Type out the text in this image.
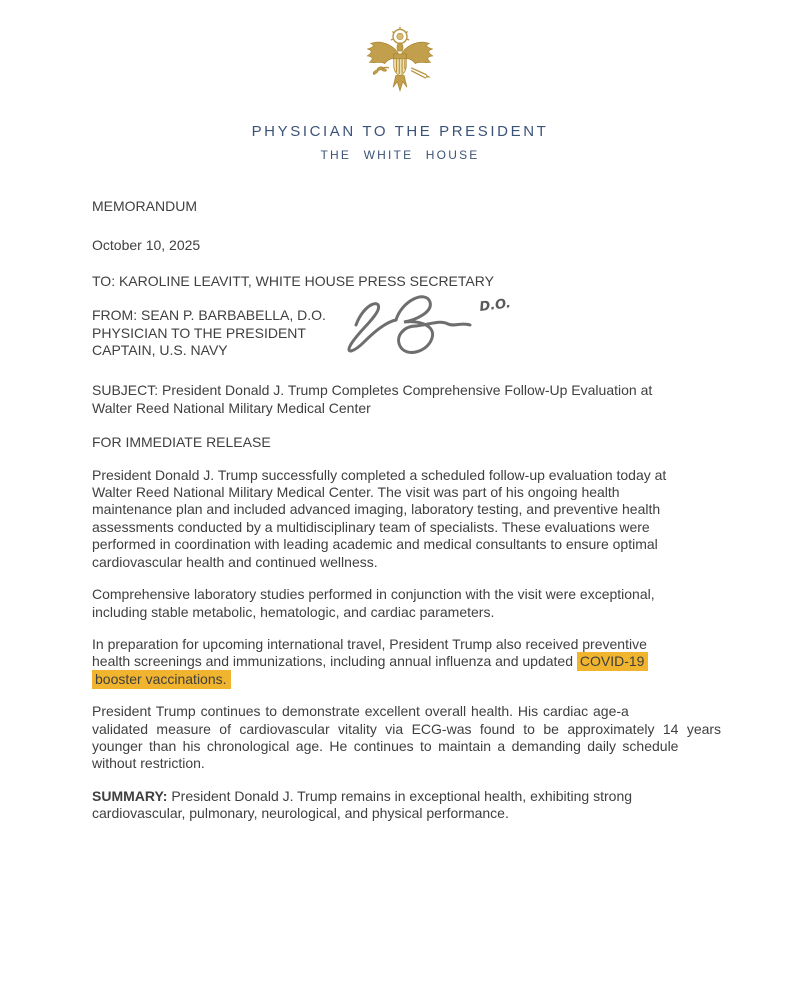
PHYSICIAN TO THE PRESIDENT
THE WHITE HOUSE
MEMORANDUM
October 10, 2025
TO: KAROLINE LEAVITT, WHITE HOUSE PRESS SECRETARY
FROM: SEAN P. BARBABELLA, D.O.
PHYSICIAN TO THE PRESIDENT
CAPTAIN, U.S. NAVY
D.O.
SUBJECT: President Donald J. Trump Completes Comprehensive Follow-Up Evaluation at
Walter Reed National Military Medical Center
FOR IMMEDIATE RELEASE
President Donald J. Trump successfully completed a scheduled follow-up evaluation today at
Walter Reed National Military Medical Center. The visit was part of his ongoing health
maintenance plan and included advanced imaging, laboratory testing, and preventive health
assessments conducted by a multidisciplinary team of specialists. These evaluations were
performed in coordination with leading academic and medical consultants to ensure optimal
cardiovascular health and continued wellness.
Comprehensive laboratory studies performed in conjunction with the visit were exceptional,
including stable metabolic, hematologic, and cardiac parameters.
In preparation for upcoming international travel, President Trump also received preventive
health screenings and immunizations, including annual influenza and updated COVID-19
booster vaccinations.
President Trump continues to demonstrate excellent overall health. His cardiac age-a
validated measure of cardiovascular vitality via ECG-was found to be approximately 14 years
younger than his chronological age. He continues to maintain a demanding daily schedule
without restriction.
SUMMARY: President Donald J. Trump remains in exceptional health, exhibiting strong
cardiovascular, pulmonary, neurological, and physical performance.
